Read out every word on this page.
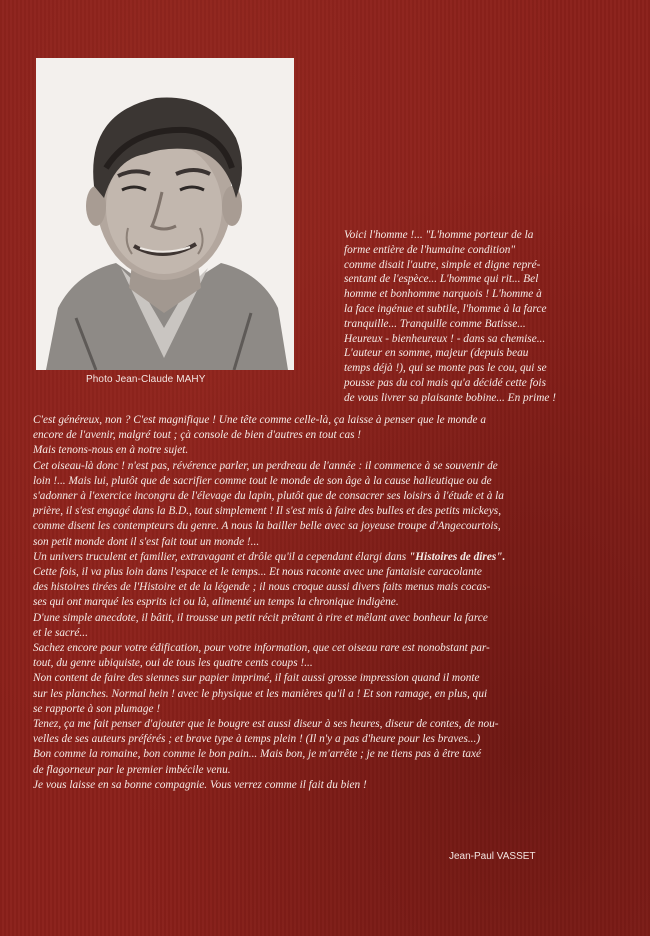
Photo Jean-Claude MAHY
Voici l'homme !... "L'homme porteur de la
forme entière de l'humaine condition"
comme disait l'autre, simple et digne repré-
sentant de l'espèce... L'homme qui rit... Bel
homme et bonhomme narquois ! L'homme à
la face ingénue et subtile, l'homme à la farce
tranquille... Tranquille comme Batisse...
Heureux - bienheureux ! - dans sa chemise...
L'auteur en somme, majeur (depuis beau
temps déjà !), qui se monte pas le cou, qui se
pousse pas du col mais qu'a décidé cette fois
de vous livrer sa plaisante bobine... En prime !
C'est généreux, non ? C'est magnifique ! Une tête comme celle-là, ça laisse à penser que le monde a
encore de l'avenir, malgré tout ; çà console de bien d'autres en tout cas !
Mais tenons-nous en à notre sujet.
Cet oiseau-là donc ! n'est pas, révérence parler, un perdreau de l'année : il commence à se souvenir de
loin !... Mais lui, plutôt que de sacrifier comme tout le monde de son âge à la cause halieutique ou de
s'adonner à l'exercice incongru de l'élevage du lapin, plutôt que de consacrer ses loisirs à l'étude et à la
prière, il s'est engagé dans la B.D., tout simplement ! Il s'est mis à faire des bulles et des petits mickeys,
comme disent les contempteurs du genre. A nous la bailler belle avec sa joyeuse troupe d'Angecourtois,
son petit monde dont il s'est fait tout un monde !...
Un univers truculent et familier, extravagant et drôle qu'il a cependant élargi dans "Histoires de dires".
Cette fois, il va plus loin dans l'espace et le temps... Et nous raconte avec une fantaisie caracolante
des histoires tirées de l'Histoire et de la légende ; il nous croque aussi divers faits menus mais cocas-
ses qui ont marqué les esprits ici ou là, alimenté un temps la chronique indigène.
D'une simple anecdote, il bâtit, il trousse un petit récit prêtant à rire et mêlant avec bonheur la farce
et le sacré...
Sachez encore pour votre édification, pour votre information, que cet oiseau rare est nonobstant par-
tout, du genre ubiquiste, oui de tous les quatre cents coups !...
Non content de faire des siennes sur papier imprimé, il fait aussi grosse impression quand il monte
sur les planches. Normal hein ! avec le physique et les manières qu'il a ! Et son ramage, en plus, qui
se rapporte à son plumage !
Tenez, ça me fait penser d'ajouter que le bougre est aussi diseur à ses heures, diseur de contes, de nou-
velles de ses auteurs préférés ; et brave type à temps plein ! (Il n'y a pas d'heure pour les braves...)
Bon comme la romaine, bon comme le bon pain... Mais bon, je m'arrête ; je ne tiens pas à être taxé
de flagorneur par le premier imbécile venu.
Je vous laisse en sa bonne compagnie. Vous verrez comme il fait du bien !
Jean-Paul VASSET
